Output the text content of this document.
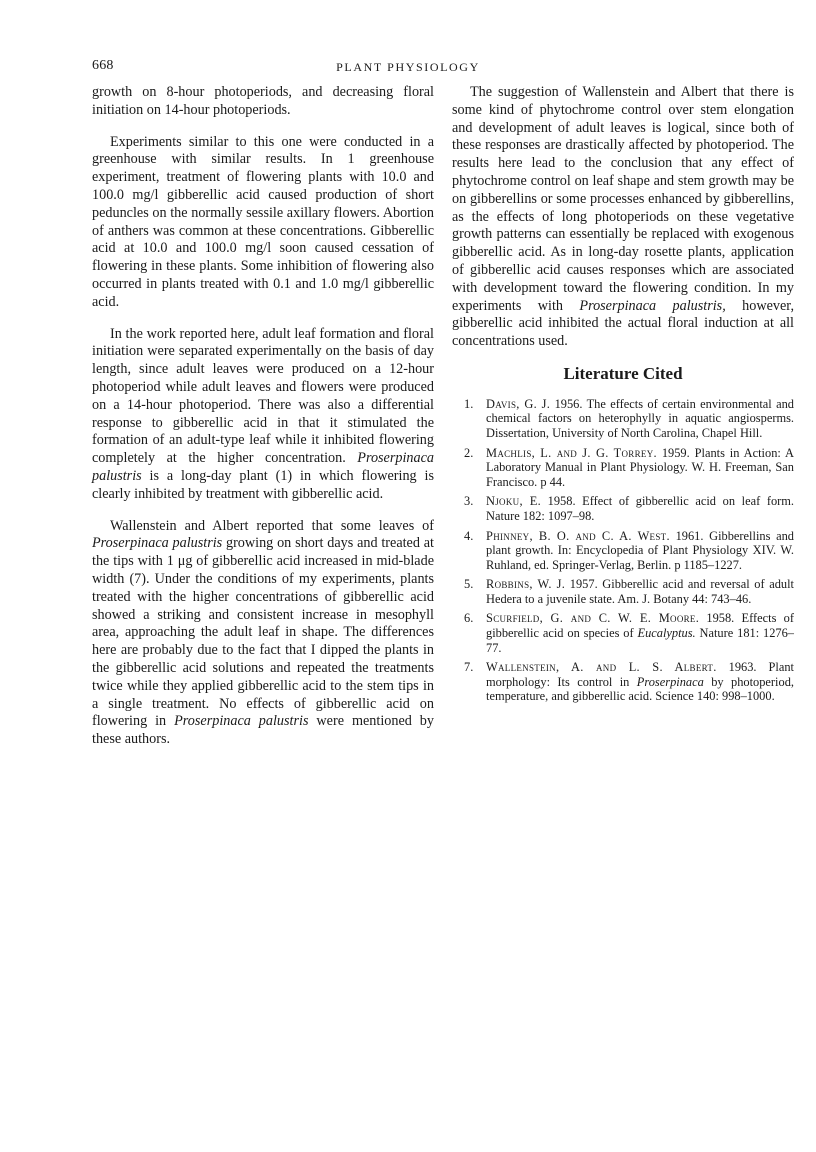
668	PLANT PHYSIOLOGY

growth on 8-hour photoperiods, and decreasing floral initiation on 14-hour photoperiods.

Experiments similar to this one were conducted in a greenhouse with similar results. In 1 greenhouse experiment, treatment of flowering plants with 10.0 and 100.0 mg/l gibberellic acid caused production of short peduncles on the normally sessile axillary flowers. Abortion of anthers was common at these concentrations. Gibberellic acid at 10.0 and 100.0 mg/l soon caused cessation of flowering in these plants. Some inhibition of flowering also occurred in plants treated with 0.1 and 1.0 mg/l gibberellic acid.

In the work reported here, adult leaf formation and floral initiation were separated experimentally on the basis of day length, since adult leaves were produced on a 12-hour photoperiod while adult leaves and flowers were produced on a 14-hour photoperiod. There was also a differential response to gibberellic acid in that it stimulated the formation of an adult-type leaf while it inhibited flowering completely at the higher concentration. Proserpinaca palustris is a long-day plant (1) in which flowering is clearly inhibited by treatment with gibberellic acid.

Wallenstein and Albert reported that some leaves of Proserpinaca palustris growing on short days and treated at the tips with 1 μg of gibberellic acid increased in mid-blade width (7). Under the conditions of my experiments, plants treated with the higher concentrations of gibberellic acid showed a striking and consistent increase in mesophyll area, approaching the adult leaf in shape. The differences here are probably due to the fact that I dipped the plants in the gibberellic acid solutions and repeated the treatments twice while they applied gibberellic acid to the stem tips in a single treatment. No effects of gibberellic acid on flowering in Proserpinaca palustris were mentioned by these authors.

The suggestion of Wallenstein and Albert that there is some kind of phytochrome control over stem elongation and development of adult leaves is logical, since both of these responses are drastically affected by photoperiod. The results here lead to the conclusion that any effect of phytochrome control on leaf shape and stem growth may be on gibberellins or some processes enhanced by gibberellins, as the effects of long photoperiods on these vegetative growth patterns can essentially be replaced with exogenous gibberellic acid. As in long-day rosette plants, application of gibberellic acid causes responses which are associated with development toward the flowering condition. In my experiments with Proserpinaca palustris, however, gibberellic acid inhibited the actual floral induction at all concentrations used.

Literature Cited
1. Davis, G. J. 1956. The effects of certain environmental and chemical factors on heterophylly in aquatic angiosperms. Dissertation, University of North Carolina, Chapel Hill.
2. Machlis, L. and J. G. Torrey. 1959. Plants in Action: A Laboratory Manual in Plant Physiology. W. H. Freeman, San Francisco. p 44.
3. Njoku, E. 1958. Effect of gibberellic acid on leaf form. Nature 182: 1097–98.
4. Phinney, B. O. and C. A. West. 1961. Gibberellins and plant growth. In: Encyclopedia of Plant Physiology XIV. W. Ruhland, ed. Springer-Verlag, Berlin. p 1185–1227.
5. Robbins, W. J. 1957. Gibberellic acid and reversal of adult Hedera to a juvenile state. Am. J. Botany 44: 743–46.
6. Scurfield, G. and C. W. E. Moore. 1958. Effects of gibberellic acid on species of Eucalyptus. Nature 181: 1276–77.
7. Wallenstein, A. and L. S. Albert. 1963. Plant morphology: Its control in Proserpinaca by photoperiod, temperature, and gibberellic acid. Science 140: 998–1000.
